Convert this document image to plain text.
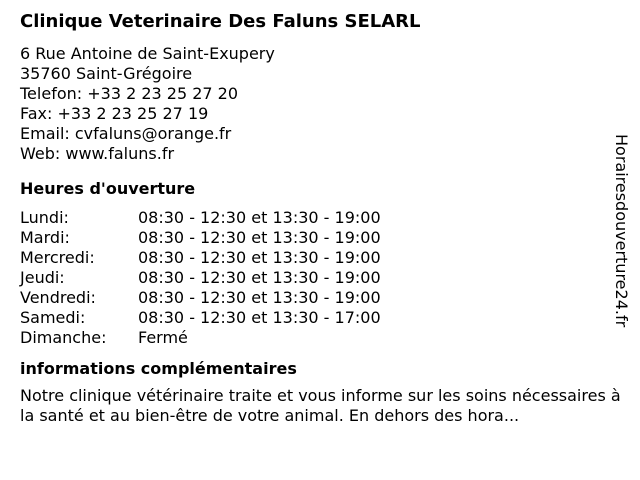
Clinique Veterinaire Des Faluns SELARL
6 Rue Antoine de Saint-Exupery
35760 Saint-Grégoire
Telefon: +33 2 23 25 27 20
Fax: +33 2 23 25 27 19
Email: cvfaluns@orange.fr
Web: www.faluns.fr
Heures d'ouverture
Lundi:	08:30 - 12:30 et 13:30 - 19:00
Mardi:	08:30 - 12:30 et 13:30 - 19:00
Mercredi:	08:30 - 12:30 et 13:30 - 19:00
Jeudi:	08:30 - 12:30 et 13:30 - 19:00
Vendredi:	08:30 - 12:30 et 13:30 - 19:00
Samedi:	08:30 - 12:30 et 13:30 - 17:00
Dimanche:	Fermé
informations complémentaires
Notre clinique vétérinaire traite et vous informe sur les soins nécessaires à la santé et au bien-être de votre animal. En dehors des hora...
Horairesdouverture24.fr
